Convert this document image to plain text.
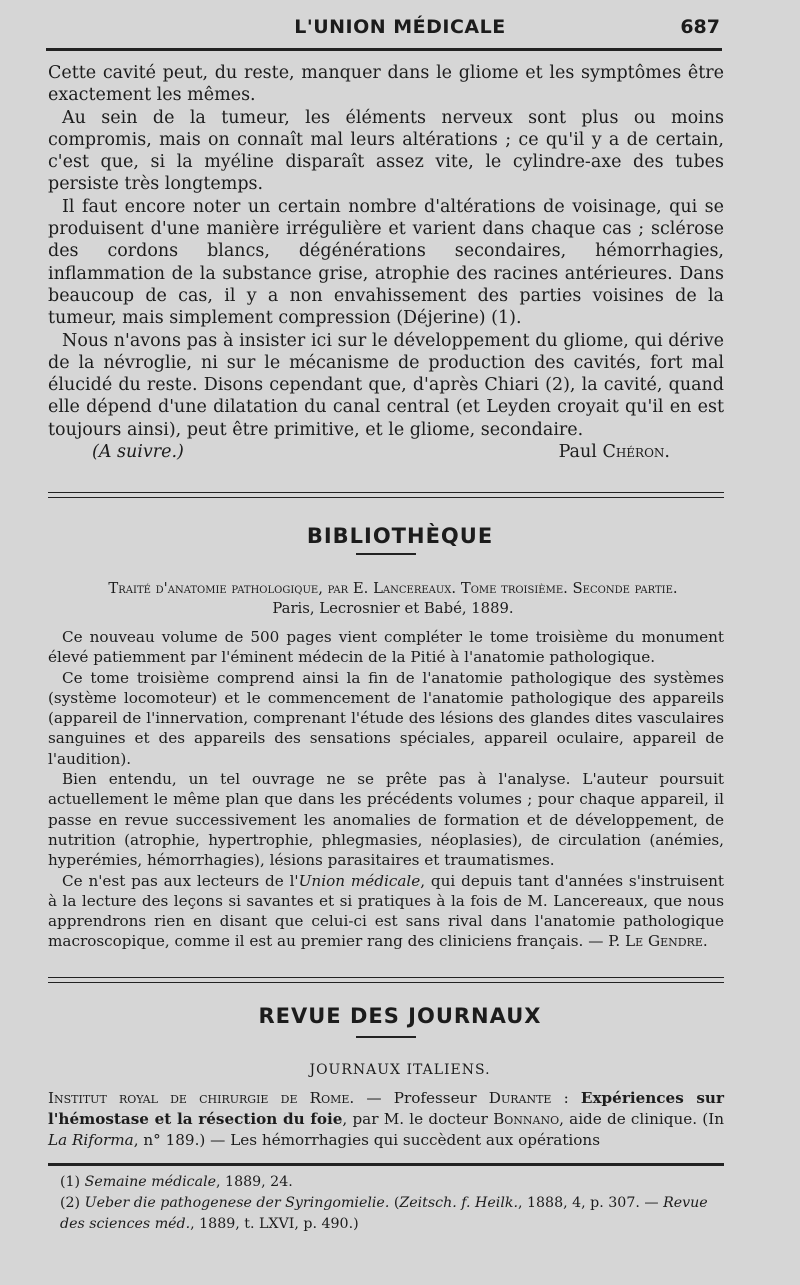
L'UNION MÉDICALE	687

Cette cavité peut, du reste, manquer dans le gliome et les symptômes être exactement les mêmes.

Au sein de la tumeur, les éléments nerveux sont plus ou moins compromis, mais on connaît mal leurs altérations ; ce qu'il y a de certain, c'est que, si la myéline disparaît assez vite, le cylindre-axe des tubes persiste très longtemps.

Il faut encore noter un certain nombre d'altérations de voisinage, qui se produisent d'une manière irrégulière et varient dans chaque cas ; sclérose des cordons blancs, dégénérations secondaires, hémorrhagies, inflammation de la substance grise, atrophie des racines antérieures. Dans beaucoup de cas, il y a non envahissement des parties voisines de la tumeur, mais simplement compression (Déjerine) (1).

Nous n'avons pas à insister ici sur le développement du gliome, qui dérive de la névroglie, ni sur le mécanisme de production des cavités, fort mal élucidé du reste. Disons cependant que, d'après Chiari (2), la cavité, quand elle dépend d'une dilatation du canal central (et Leyden croyait qu'il en est toujours ainsi), peut être primitive, et le gliome, secondaire.

(A suivre.)	Paul Chéron.
BIBLIOTHÈQUE
Traité d'anatomie pathologique, par E. Lancereaux. Tome troisième. Seconde partie.
Paris, Lecrosnier et Babé, 1889.

Ce nouveau volume de 500 pages vient compléter le tome troisième du monument élevé patiemment par l'éminent médecin de la Pitié à l'anatomie pathologique.

Ce tome troisième comprend ainsi la fin de l'anatomie pathologique des systèmes (système locomoteur) et le commencement de l'anatomie pathologique des appareils (appareil de l'innervation, comprenant l'étude des lésions des glandes dites vasculaires sanguines et des appareils des sensations spéciales, appareil oculaire, appareil de l'audition).

Bien entendu, un tel ouvrage ne se prête pas à l'analyse. L'auteur poursuit actuellement le même plan que dans les précédents volumes ; pour chaque appareil, il passe en revue successivement les anomalies de formation et de développement, de nutrition (atrophie, hypertrophie, phlegmasies, néoplasies), de circulation (anémies, hyperémies, hémorrhagies), lésions parasitaires et traumatismes.

Ce n'est pas aux lecteurs de l'Union médicale, qui depuis tant d'années s'instruisent à la lecture des leçons si savantes et si pratiques à la fois de M. Lancereaux, que nous apprendrons rien en disant que celui-ci est sans rival dans l'anatomie pathologique macroscopique, comme il est au premier rang des cliniciens français. — P. Le Gendre.

REVUE DES JOURNAUX
JOURNAUX ITALIENS.

Institut royal de chirurgie de Rome. — Professeur Durante : Expériences sur l'hémostase et la résection du foie, par M. le docteur Bonnano, aide de clinique. (In La Riforma, n° 189.) — Les hémorrhagies qui succèdent aux opérations

(1) Semaine médicale, 1889, 24.

(2) Ueber die pathogenese der Syringomielie. (Zeitsch. f. Heilk., 1888, 4, p. 307. — Revue des sciences méd., 1889, t. LXVI, p. 490.)
